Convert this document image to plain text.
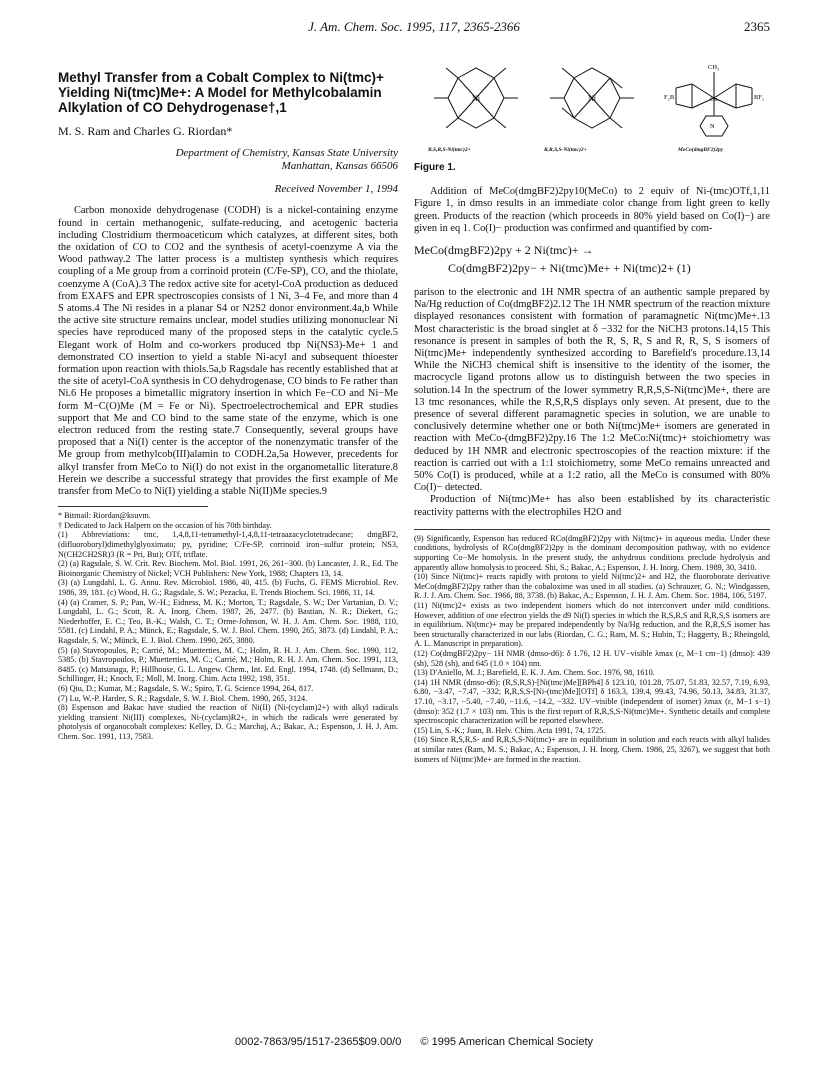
J. Am. Chem. Soc. 1995, 117, 2365-2366	2365
Methyl Transfer from a Cobalt Complex to Ni(tmc)+ Yielding Ni(tmc)Me+: A Model for Methylcobalamin Alkylation of CO Dehydrogenase†,1
M. S. Ram and Charles G. Riordan*
Department of Chemistry, Kansas State University
Manhattan, Kansas 66506
Received November 1, 1994

Carbon monoxide dehydrogenase (CODH) is a nickel-containing enzyme found in certain methanogenic, sulfate-reducing, and acetogenic bacteria including Clostridium thermoaceticum which catalyzes, at different sites, both the oxidation of CO to CO2 and the synthesis of acetyl-coenzyme A via the Wood pathway.2 The latter process is a multistep synthesis which requires coupling of a Me group from a corrinoid protein (C/Fe-SP), CO, and the thiolate, coenzyme A (CoA).3 The redox active site for acetyl-CoA production as deduced from EXAFS and EPR spectroscopies consists of 1 Ni, 3–4 Fe, and more than 4 S atoms.4 The Ni resides in a planar S4 or N2S2 donor environment.4a,b While the active site structure remains unclear, model studies utilizing mononuclear Ni species have reproduced many of the proposed steps in the catalytic cycle.5 Elegant work of Holm and co-workers produced tbp Ni(NS3)-Me+ 1 and demonstrated CO insertion to yield a stable Ni-acyl and subsequent thioester formation upon reaction with thiols.5a,b Ragsdale has recently established that at the site of acetyl-CoA synthesis in CO dehydrogenase, CO binds to Fe rather than Ni.6 He proposes a bimetallic migratory insertion in which Fe−CO and Ni−Me form M−C(O)Me (M = Fe or Ni). Spectroelectrochemical and EPR studies support that Me and CO bind to the same state of the enzyme, which is one electron reduced from the resting state.7 Consequently, several groups have proposed that a Ni(I) center is the acceptor of the nonenzymatic transfer of the Me group from methylcob(III)alamin to CODH.2a,5a However, precedents for alkyl transfer from MeCo to Ni(I) do not exist in the organometallic literature.8 Herein we describe a successful strategy that provides the first example of Me transfer from MeCo to Ni(I) yielding a stable Ni(II)Me species.9

* Bitmail: Riordan@ksuvm.

† Dedicated to Jack Halpern on the occasion of his 70th birthday.

(1) Abbreviations: tmc, 1,4,8,11-tetramethyl-1,4,8,11-tetraazacyclotetradecane; dmgBF2, (difluoroboryl)dimethylglyoximato; py, pyridine; C/Fe-SP, corrinoid iron−sulfur protein; NS3, N(CH2CH2SR)3 (R = Pri, But); OTf, triflate.

(2) (a) Ragsdale, S. W. Crit. Rev. Biochem. Mol. Biol. 1991, 26, 261−300. (b) Lancaster, J. R., Ed. The Bioinorganic Chemistry of Nickel; VCH Publishers: New York, 1988; Chapters 13, 14.

(3) (a) Lungdahl, L. G. Annu. Rev. Microbiol. 1986, 40, 415. (b) Fuchs, G. FEMS Microbiol. Rev. 1986, 39, 181. (c) Wood, H. G.; Ragsdale, S. W.; Pezacka, E. Trends Biochem. Sci. 1986, 11, 14.

(4) (a) Cramer, S. P.; Pan, W.-H.; Eidness, M. K.; Morton, T.; Ragsdale, S. W.; Der Vartanian, D. V.; Lungdahl, L. G.; Scott, R. A. Inorg. Chem. 1987, 26, 2477. (b) Bastian, N. R.; Diekert, G.; Niederhoffer, E. C.; Teo, B.-K.; Walsh, C. T.; Orme-Johnson, W. H. J. Am. Chem. Soc. 1988, 110, 5581. (c) Lindahl, P. A.; Münck, E.; Ragsdale, S. W. J. Biol. Chem. 1990, 265, 3873. (d) Lindahl, P. A.; Ragsdale, S. W.; Münck, E. J. Biol. Chem. 1990, 265, 3880.

(5) (a) Stavropoulos, P.; Carrié, M.; Muetterties, M. C.; Holm, R. H. J. Am. Chem. Soc. 1990, 112, 5385. (b) Stavropoulos, P.; Muetterties, M. C.; Carrié, M.; Holm, R. H. J. Am. Chem. Soc. 1991, 113, 8485. (c) Matsunaga, P.; Hillhouse, G. L. Angew. Chem., Int. Ed. Engl. 1994, 1748. (d) Sellmann, D.; Schillinger, H.; Knoch, F.; Moll, M. Inorg. Chim. Acta 1992, 198, 351.

(6) Qiu, D.; Kumar, M.; Ragsdale, S. W.; Spiro, T. G. Science 1994, 264, 817.

(7) Lu, W.-P. Harder, S. R.; Ragsdale, S. W. J. Biol. Chem. 1990, 265, 3124.

(8) Espenson and Bakac have studied the reaction of Ni(II) (Ni-(cyclam)2+) with alkyl radicals yielding transient Ni(III) complexes, Ni-(cyclam)R2+, in which the radicals were generated by photolysis of organocobalt complexes: Kelley, D. G.; Marchaj, A.; Bakac, A.; Espenson, J. H. J. Am. Chem. Soc. 1991, 113, 7583.

Ni
R,S,R,S-Ni(tmc)2+
Ni
R,R,S,S-Ni(tmc)2+
CH₃
Co
F₂B	BF₂
N
MeCo(dmgBF2)2py
Figure 1.

Addition of MeCo(dmgBF2)2py10(MeCo) to 2 equiv of Ni-(tmc)OTf,1,11 Figure 1, in dmso results in an immediate color change from light green to kelly green. Products of the reaction (which proceeds in 80% yield based on Co(I)−) are given in eq 1. Co(I)− production was confirmed and quantified by com-

MeCo(dmgBF2)2py + 2 Ni(tmc)+ →
Co(dmgBF2)2py− + Ni(tmc)Me+ + Ni(tmc)2+ (1)

parison to the electronic and 1H NMR spectra of an authentic sample prepared by Na/Hg reduction of Co(dmgBF2)2.12 The 1H NMR spectrum of the reaction mixture displayed resonances consistent with formation of paramagnetic Ni(tmc)Me+.13 Most characteristic is the broad singlet at δ −332 for the NiCH3 protons.14,15 This resonance is present in samples of both the R, S, R, S and R, R, S, S isomers of Ni(tmc)Me+ independently synthesized according to Barefield's procedure.13,14 While the NiCH3 chemical shift is insensitive to the identity of the isomer, the macrocycle ligand protons allow us to distinguish between the two species in solution.14 In the spectrum of the lower symmetry R,R,S,S-Ni(tmc)Me+, there are 13 tmc resonances, while the R,S,R,S displays only seven. At present, due to the presence of several different paramagnetic species in solution, we are unable to conclusively determine whether one or both Ni(tmc)Me+ isomers are generated in reaction with MeCo-(dmgBF2)2py.16 The 1:2 MeCo:Ni(tmc)+ stoichiometry was deduced by 1H NMR and electronic spectroscopies of the reaction mixture: if the reaction is carried out with a 1:1 stoichiometry, some MeCo remains unreacted and 50% Co(I) is produced, while at a 1:2 ratio, all the MeCo is consumed with 80% Co(I)− detected.

Production of Ni(tmc)Me+ has also been established by its characteristic reactivity patterns with the electrophiles H2O and

(9) Significantly, Espenson has reduced RCo(dmgBF2)2py with Ni(tmc)+ in aqueous media. Under these conditions, hydrolysis of RCo(dmgBF2)2py is the dominant decomposition pathway, with no evidence supporting Co−Me homolysis. In the present study, the anhydrous conditions preclude hydrolysis and apparently allow homolysis to proceed. Shi, S.; Bakac, A.; Espenson, J. H. Inorg. Chem. 1989, 30, 3410.

(10) Since Ni(tmc)+ reacts rapidly with protons to yield Ni(tmc)2+ and H2, the fluoroborate derivative MeCo(dmgBF2)2py rather than the cobaloxime was used in all studies. (a) Schrauzer, G. N.; Windgassen, R. J. J. Am. Chem. Soc. 1966, 88, 3738. (b) Bakac, A.; Espenson, J. H. J. Am. Chem. Soc. 1984, 106, 5197.

(11) Ni(tmc)2+ exists as two independent isomers which do not interconvert under mild conditions. However, addition of one electron yields the d9 Ni(I) species in which the R,S,R,S and R,R,S,S isomers are in equilibrium. Ni(tmc)+ may be prepared independently by Na/Hg reduction, and the R,R,S,S isomer has been structurally characterized in our labs (Riordan, C. G.; Ram, M. S.; Hubin, T.; Haggerty, B.; Rheingold, A. L. Manuscript in preparation).

(12) Co(dmgBF2)2py− 1H NMR (dmso-d6): δ 1.76, 12 H. UV−visible λmax (ε, M−1 cm−1) (dmso): 439 (sh), 528 (sh), and 645 (1.0 × 104) nm.

(13) D'Aniello, M. J.; Barefield, E. K. J. Am. Chem. Soc. 1976, 98, 1610.

(14) 1H NMR (dmso-d6): (R,S,R,S)-[Ni(tmc)Me][BPh4] δ 123.10, 101.28, 75.07, 51.83, 32.57, 7.19, 6.93, 6.80, −3.47, −7.47, −332; R,R,S,S-[Ni-(tmc)Me][OTf] δ 163.3, 139.4, 99.43, 74.96, 50.13, 34.83, 31.37, 17.10, −3.17, −5.40, −7.40, −11.6, −14.2, −332. UV−visible (independent of isomer) λmax (ε, M−1 s−1) (dmso): 352 (1.7 × 103) nm. This is the first report of R,R,S,S-Ni(tmc)Me+. Synthetic details and complete spectroscopic characterization will be reported elsewhere.

(15) Lin, S.-K.; Juan, B. Helv. Chim. Acta 1991, 74, 1725.

(16) Since R,S,R,S- and R,R,S,S-Ni(tmc)+ are in equilibrium in solution and each reacts with alkyl halides at similar rates (Ram, M. S.; Bakac, A.; Espenson, J. H. Inorg. Chem. 1986, 25, 3267), we suggest that both isomers of Ni(tmc)Me+ are formed in the reaction.

0002-7863/95/1517-2365$09.00/0 © 1995 American Chemical Society
